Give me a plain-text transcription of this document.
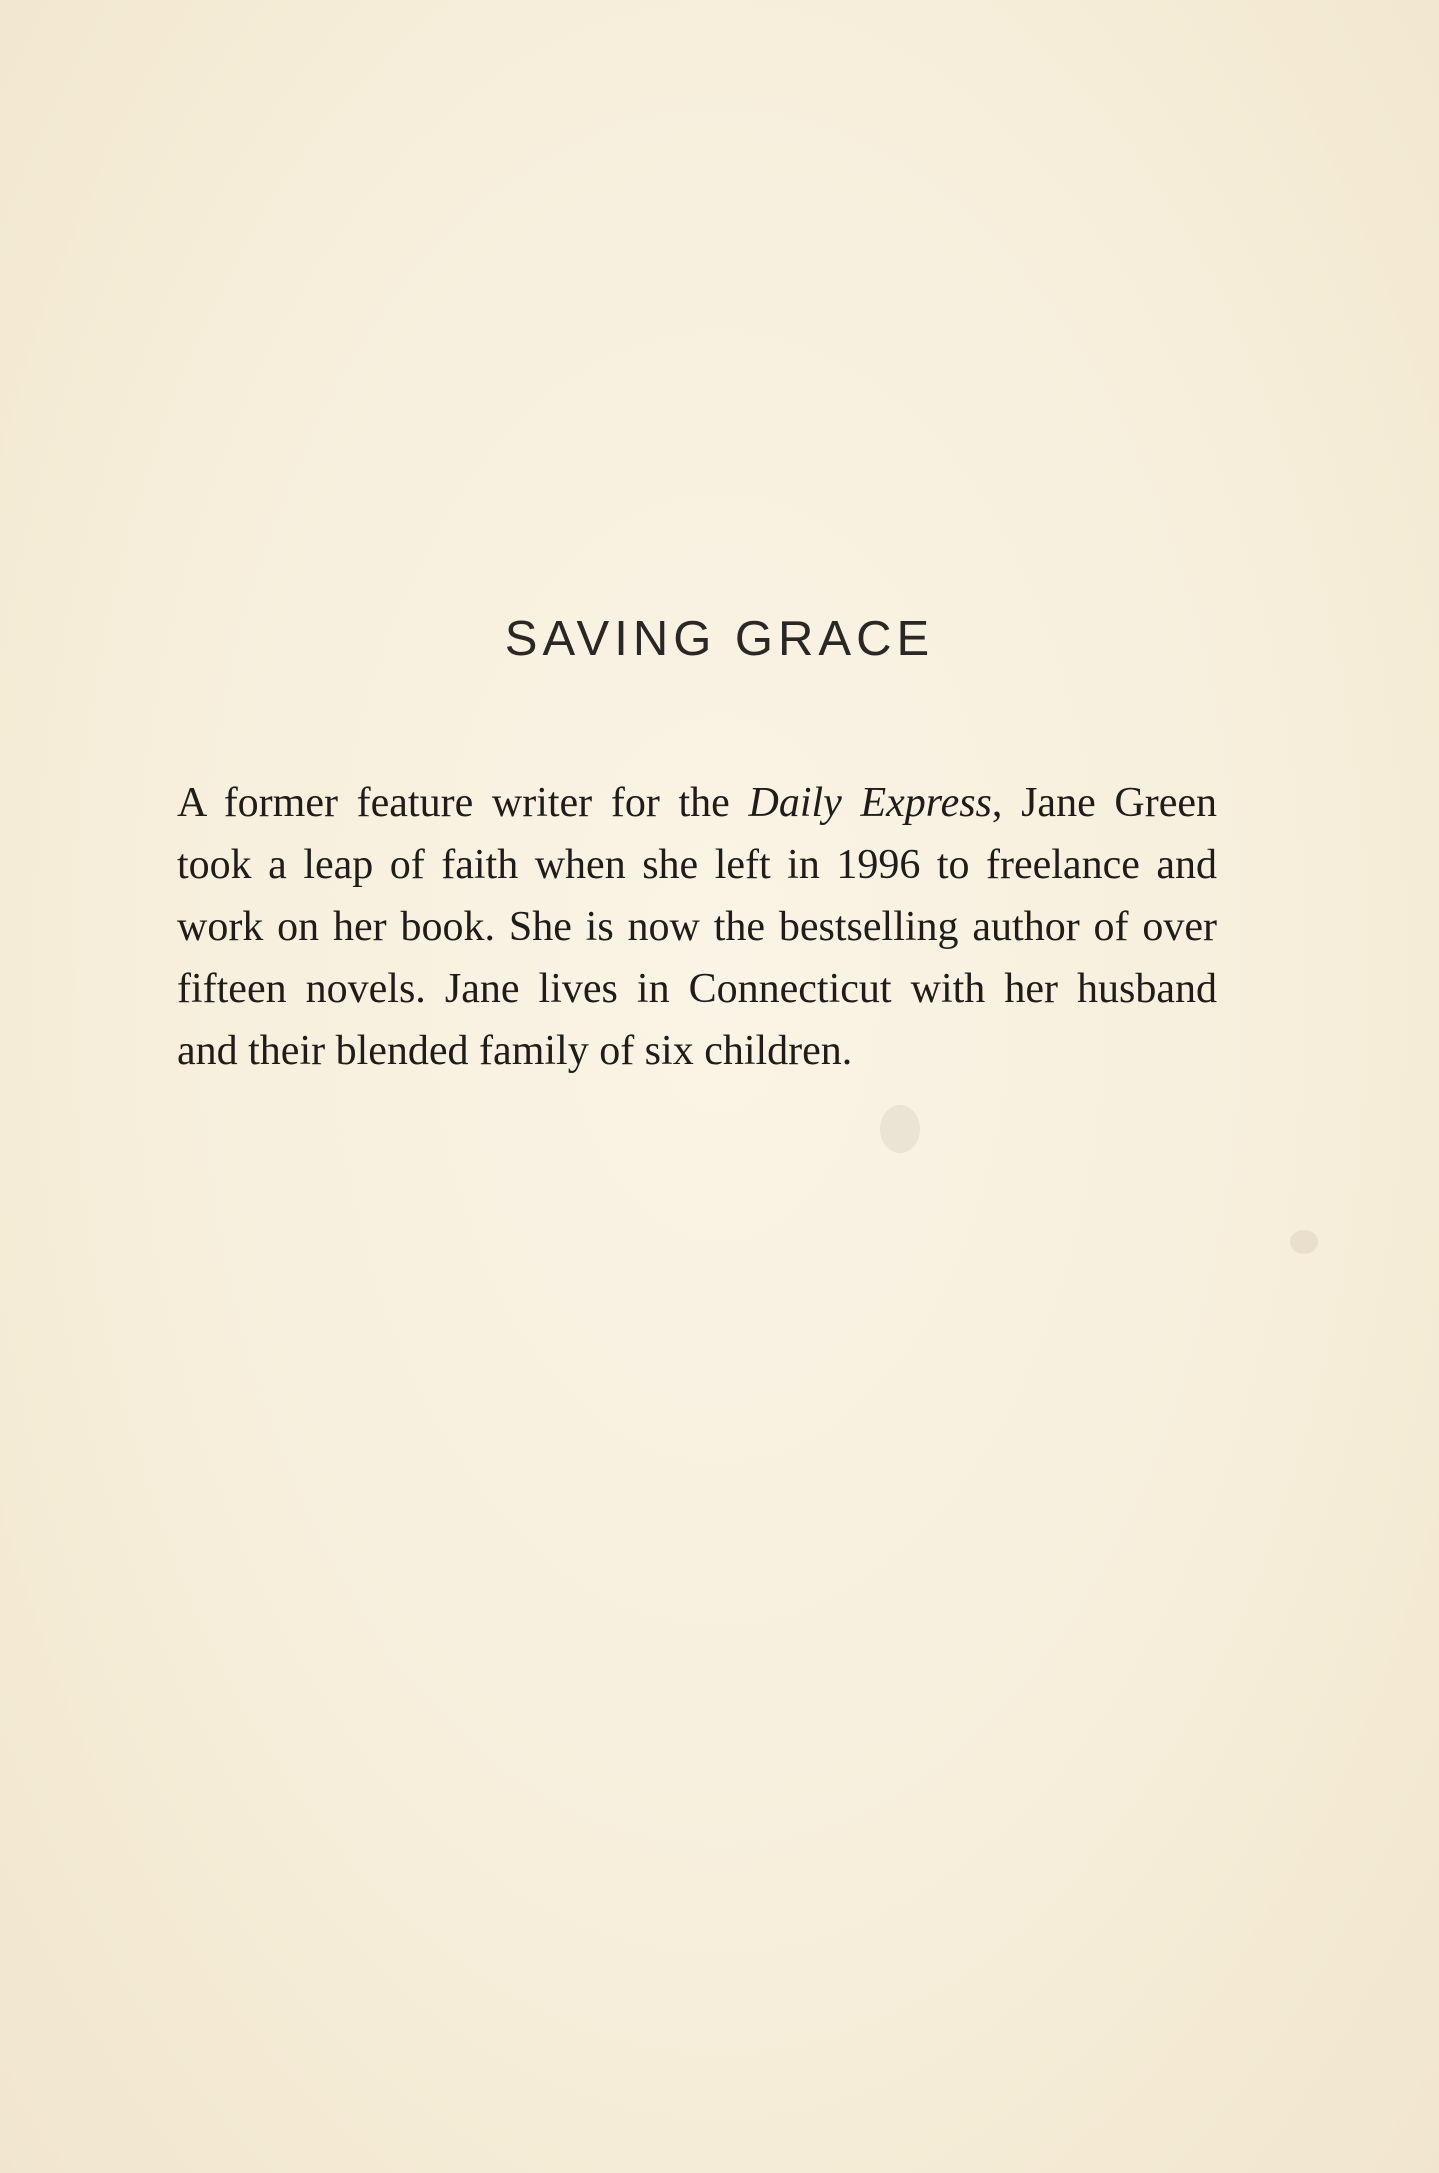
SAVING GRACE

A former feature writer for the Daily Express, Jane Green took a leap of faith when she left in 1996 to freelance and work on her book. She is now the bestselling author of over fifteen novels. Jane lives in Connecticut with her husband and their blended family of six children.
